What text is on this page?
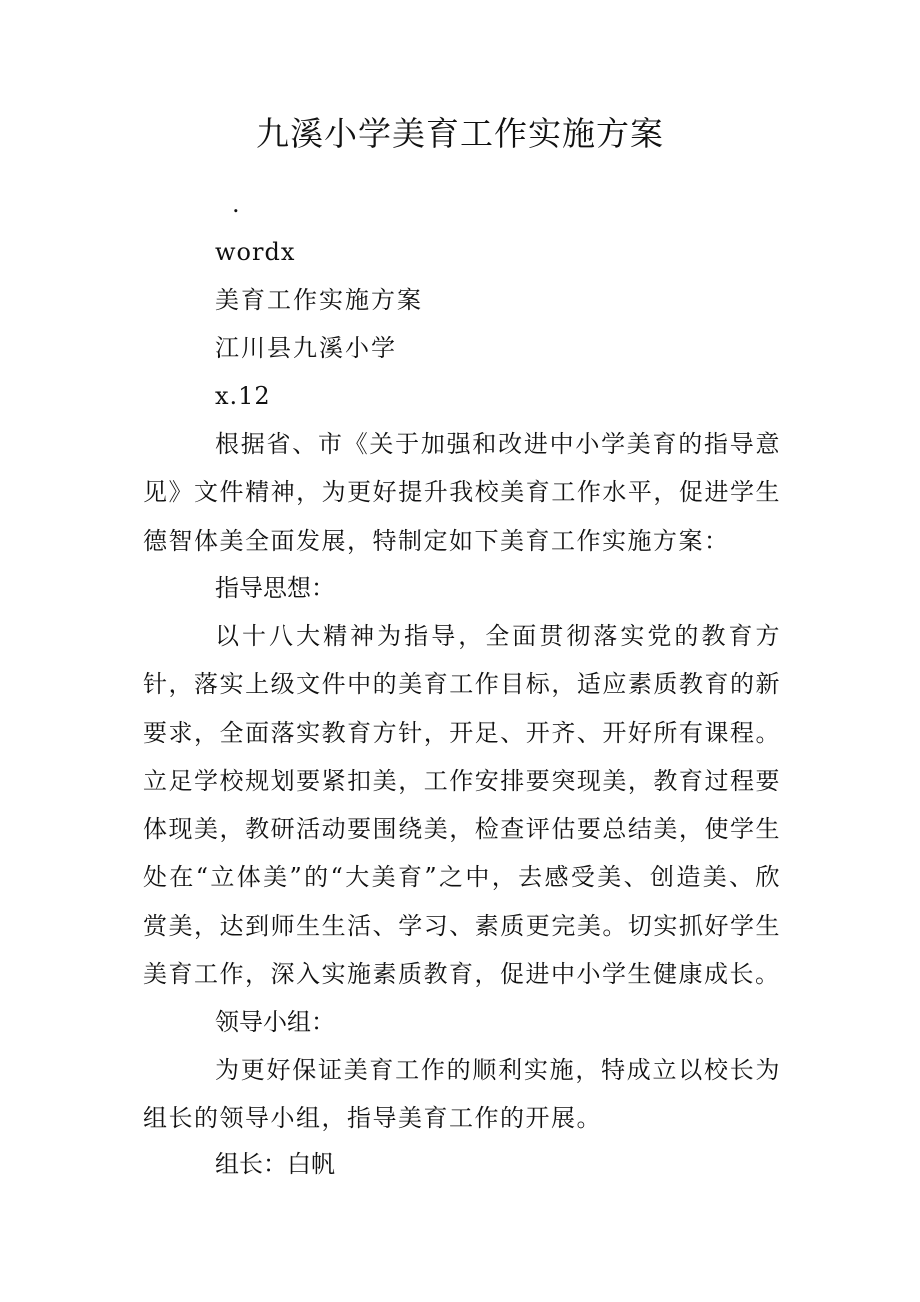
九溪小学美育工作实施方案

.

wordx

美育工作实施方案

江川县九溪小学

x.12

根据省、市《关于加强和改进中小学美育的指导意见》文件精神，为更好提升我校美育工作水平，促进学生德智体美全面发展，特制定如下美育工作实施方案：

指导思想：

以十八大精神为指导，全面贯彻落实党的教育方针，落实上级文件中的美育工作目标，适应素质教育的新要求，全面落实教育方针，开足、开齐、开好所有课程。立足学校规划要紧扣美，工作安排要突现美，教育过程要体现美，教研活动要围绕美，检查评估要总结美，使学生处在“立体美”的“大美育”之中，去感受美、创造美、欣赏美，达到师生生活、学习、素质更完美。切实抓好学生美育工作，深入实施素质教育，促进中小学生健康成长。

领导小组：

为更好保证美育工作的顺利实施，特成立以校长为组长的领导小组，指导美育工作的开展。

组长：白帆
